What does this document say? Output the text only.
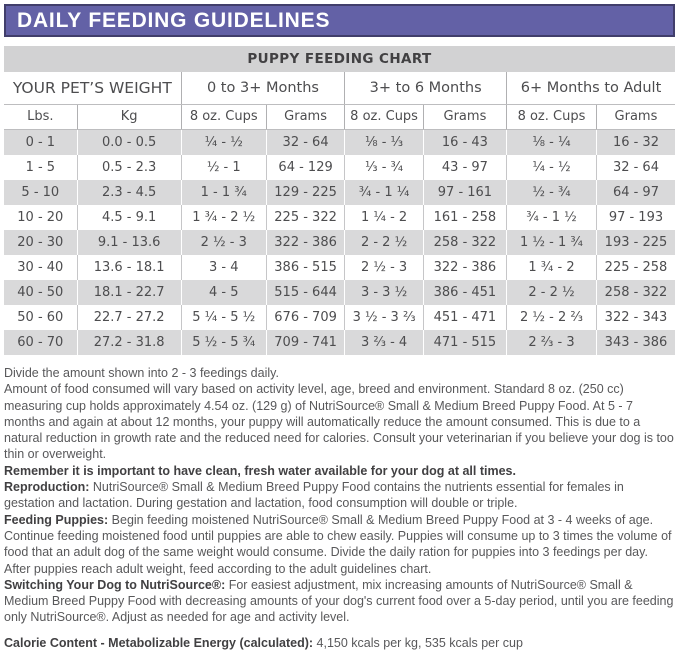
DAILY FEEDING GUIDELINES
PUPPY FEEDING CHART							
YOUR PET’S WEIGHT		0 to 3+ Months		3+ to 6 Months		6+ Months to Adult	
Lbs.	Kg	8 oz. Cups	Grams	8 oz. Cups	Grams	8 oz. Cups	Grams
0 - 1	0.0 - 0.5	¼ - ½	32 - 64	⅛ - ⅓	16 - 43	⅛ - ¼	16 - 32
1 - 5	0.5 - 2.3	½ - 1	64 - 129	⅓ - ¾	43 - 97	¼ - ½	32 - 64
5 - 10	2.3 - 4.5	1 - 1 ¾	129 - 225	¾ - 1 ¼	97 - 161	½ - ¾	64 - 97
10 - 20	4.5 - 9.1	1 ¾ - 2 ½	225 - 322	1 ¼ - 2	161 - 258	¾ - 1 ½	97 - 193
20 - 30	9.1 - 13.6	2 ½ - 3	322 - 386	2 - 2 ½	258 - 322	1 ½ - 1 ¾	193 - 225
30 - 40	13.6 - 18.1	3 - 4	386 - 515	2 ½ - 3	322 - 386	1 ¾ - 2	225 - 258
40 - 50	18.1 - 22.7	4 - 5	515 - 644	3 - 3 ½	386 - 451	2 - 2 ½	258 - 322
50 - 60	22.7 - 27.2	5 ¼ - 5 ½	676 - 709	3 ½ - 3 ⅔	451 - 471	2 ½ - 2 ⅔	322 - 343
60 - 70	27.2 - 31.8	5 ½ - 5 ¾	709 - 741	3 ⅔ - 4	471 - 515	2 ⅔ - 3	343 - 386

Divide the amount shown into 2 - 3 feedings daily.

Amount of food consumed will vary based on activity level, age, breed and environment. Standard 8 oz. (250 cc) measuring cup holds approximately 4.54 oz. (129 g) of NutriSource® Small & Medium Breed Puppy Food. At 5 - 7 months and again at about 12 months, your puppy will automatically reduce the amount consumed. This is due to a natural reduction in growth rate and the reduced need for calories. Consult your veterinarian if you believe your dog is too thin or overweight.

Remember it is important to have clean, fresh water available for your dog at all times.

Reproduction: NutriSource® Small & Medium Breed Puppy Food contains the nutrients essential for females in gestation and lactation. During gestation and lactation, food consumption will double or triple.

Feeding Puppies: Begin feeding moistened NutriSource® Small & Medium Breed Puppy Food at 3 - 4 weeks of age. Continue feeding moistened food until puppies are able to chew easily. Puppies will consume up to 3 times the volume of food that an adult dog of the same weight would consume. Divide the daily ration for puppies into 3 feedings per day. After puppies reach adult weight, feed according to the adult guidelines chart.

Switching Your Dog to NutriSource®: For easiest adjustment, mix increasing amounts of NutriSource® Small & Medium Breed Puppy Food with decreasing amounts of your dog's current food over a 5-day period, until you are feeding only NutriSource®. Adjust as needed for age and activity level.

Calorie Content - Metabolizable Energy (calculated): 4,150 kcals per kg, 535 kcals per cup
